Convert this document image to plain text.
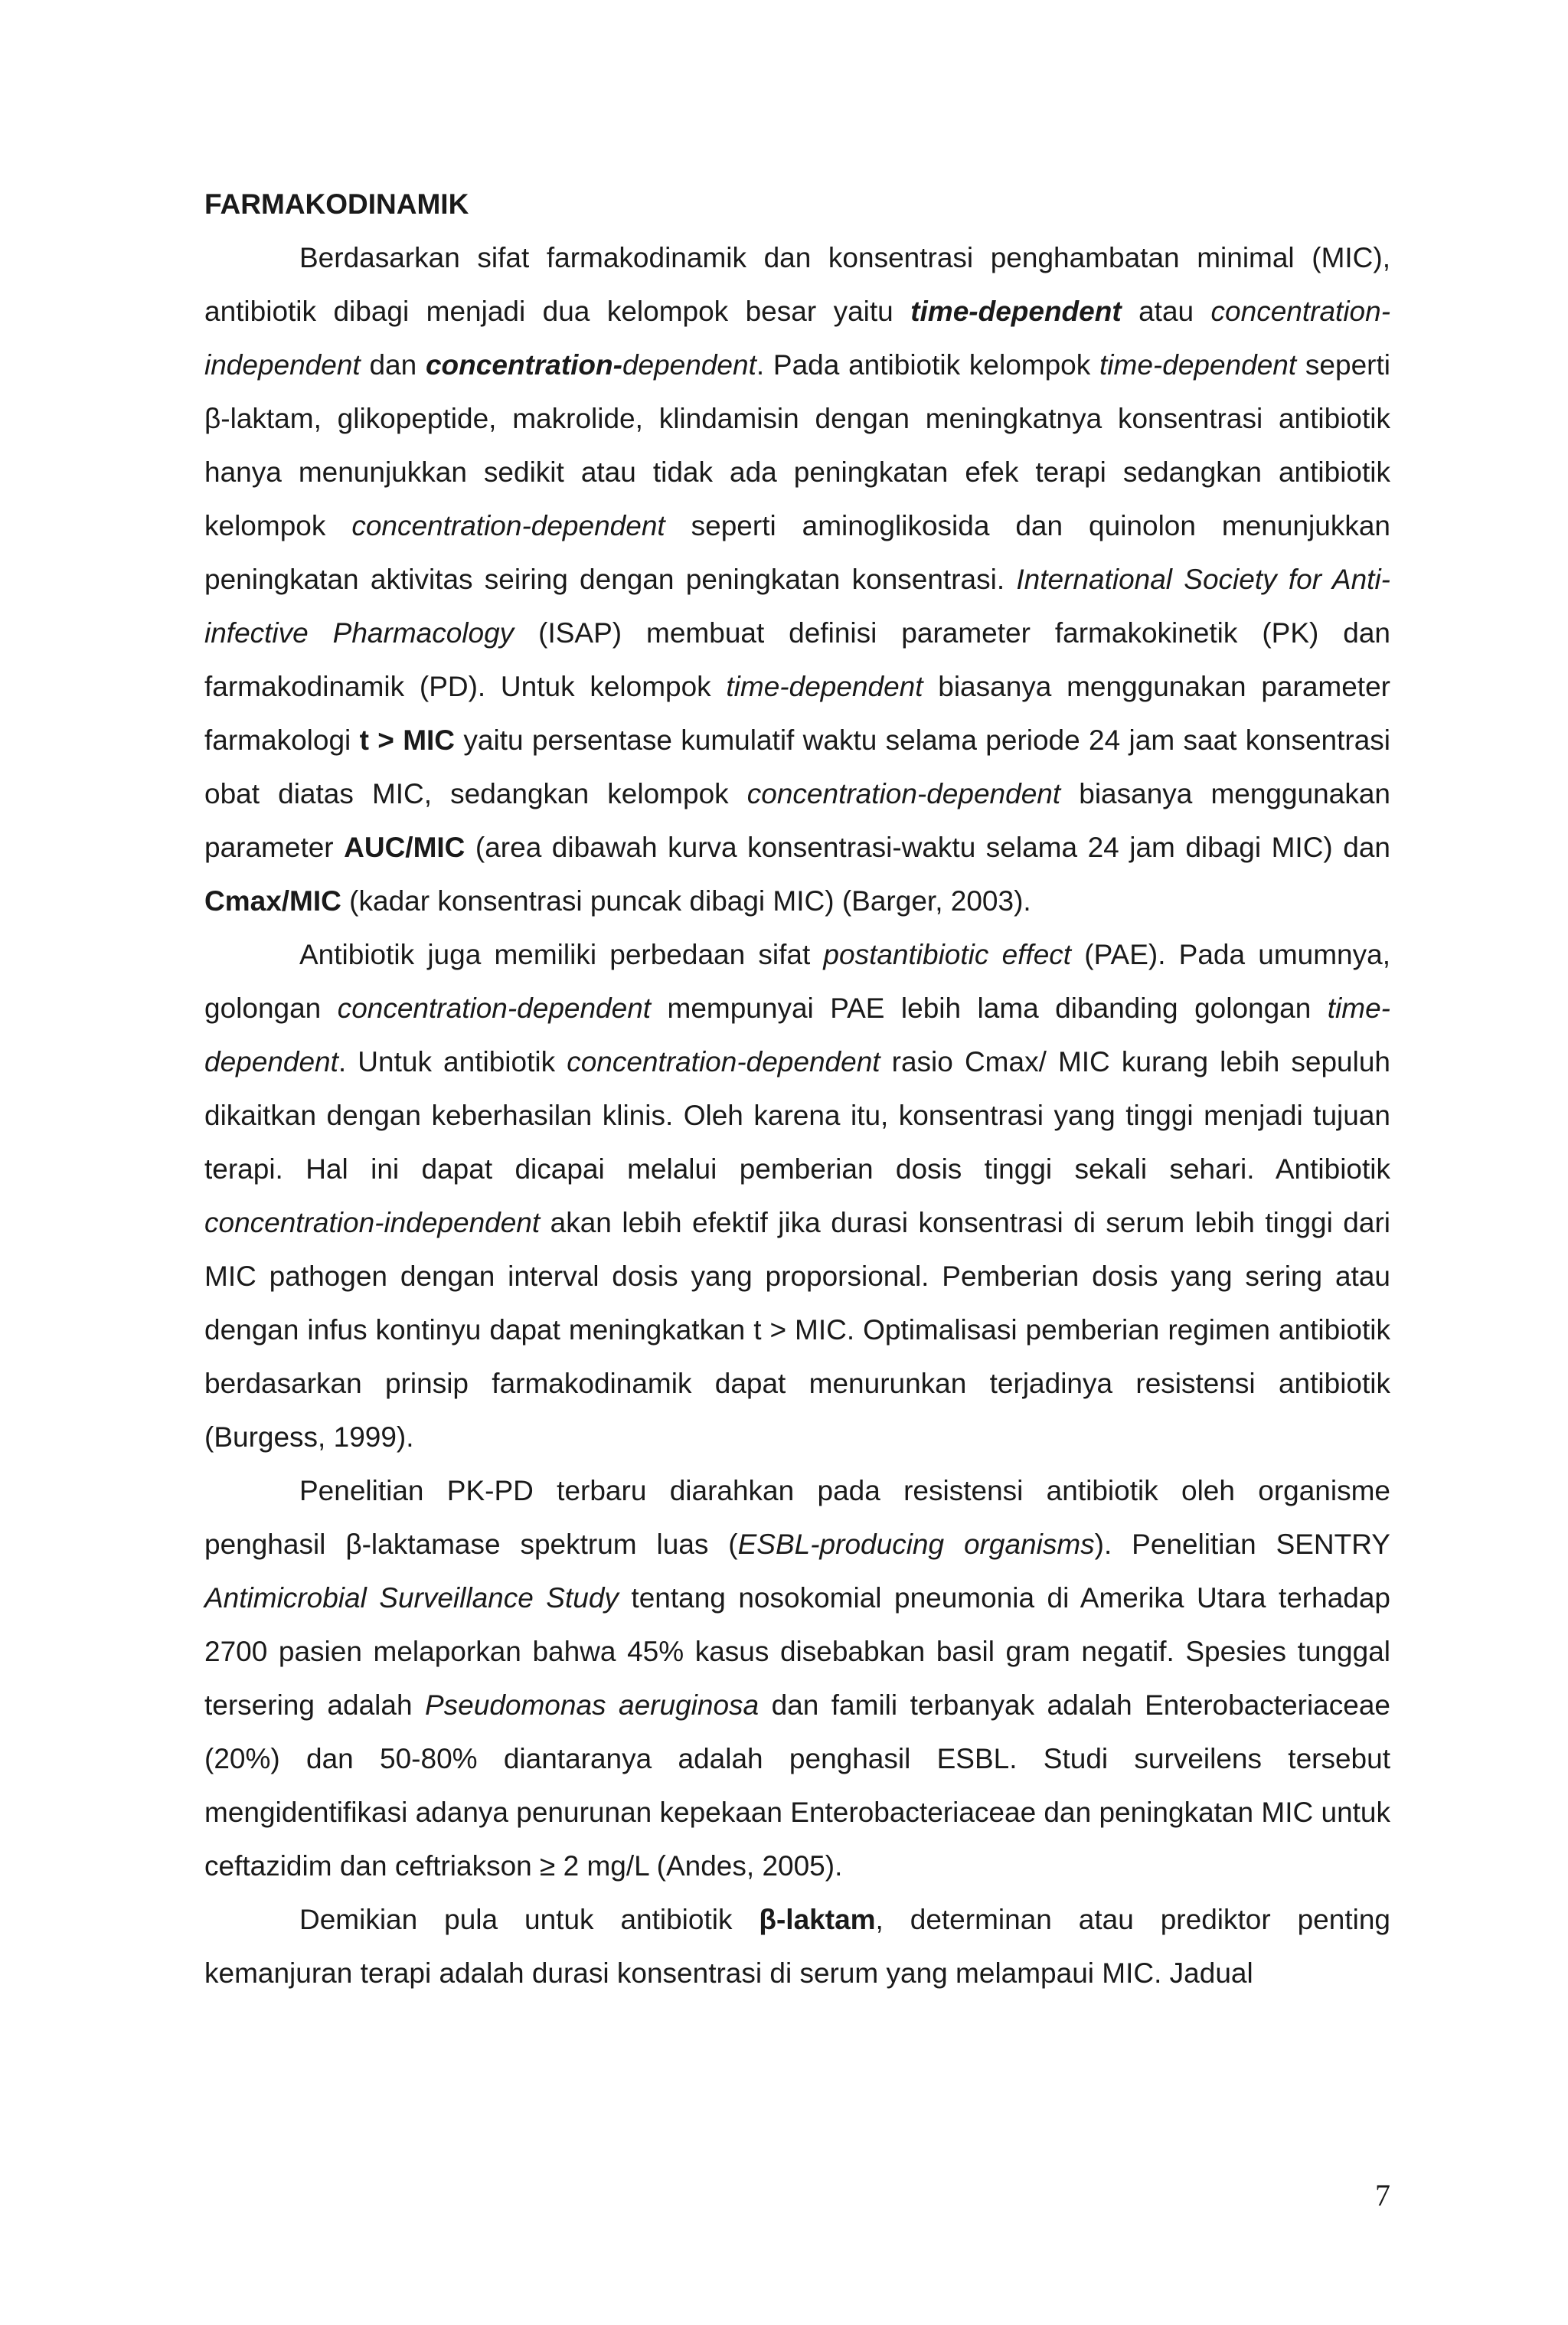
FARMAKODINAMIK

Berdasarkan sifat farmakodinamik dan konsentrasi penghambatan minimal (MIC), antibiotik dibagi menjadi dua kelompok besar yaitu time-dependent atau concentration-independent dan concentration-dependent. Pada antibiotik kelompok time-dependent seperti β-laktam, glikopeptide, makrolide, klindamisin dengan meningkatnya konsentrasi antibiotik hanya menunjukkan sedikit atau tidak ada peningkatan efek terapi sedangkan antibiotik kelompok concentration-dependent seperti aminoglikosida dan quinolon menunjukkan peningkatan aktivitas seiring dengan peningkatan konsentrasi. International Society for Anti-infective Pharmacology (ISAP) membuat definisi parameter farmakokinetik (PK) dan farmakodinamik (PD). Untuk kelompok time-dependent biasanya menggunakan parameter farmakologi t > MIC yaitu persentase kumulatif waktu selama periode 24 jam saat konsentrasi obat diatas MIC, sedangkan kelompok concentration-dependent biasanya menggunakan parameter AUC/MIC (area dibawah kurva konsentrasi-waktu selama 24 jam dibagi MIC) dan Cmax/MIC (kadar konsentrasi puncak dibagi MIC) (Barger, 2003).

Antibiotik juga memiliki perbedaan sifat postantibiotic effect (PAE). Pada umumnya, golongan concentration-dependent mempunyai PAE lebih lama dibanding golongan time-dependent. Untuk antibiotik concentration-dependent rasio Cmax/ MIC kurang lebih sepuluh dikaitkan dengan keberhasilan klinis. Oleh karena itu, konsentrasi yang tinggi menjadi tujuan terapi. Hal ini dapat dicapai melalui pemberian dosis tinggi sekali sehari. Antibiotik concentration-independent akan lebih efektif jika durasi konsentrasi di serum lebih tinggi dari MIC pathogen dengan interval dosis yang proporsional. Pemberian dosis yang sering atau dengan infus kontinyu dapat meningkatkan t > MIC. Optimalisasi pemberian regimen antibiotik berdasarkan prinsip farmakodinamik dapat menurunkan terjadinya resistensi antibiotik (Burgess, 1999).

Penelitian PK-PD terbaru diarahkan pada resistensi antibiotik oleh organisme penghasil β-laktamase spektrum luas (ESBL-producing organisms). Penelitian SENTRY Antimicrobial Surveillance Study tentang nosokomial pneumonia di Amerika Utara terhadap 2700 pasien melaporkan bahwa 45% kasus disebabkan basil gram negatif. Spesies tunggal tersering adalah Pseudomonas aeruginosa dan famili terbanyak adalah Enterobacteriaceae (20%) dan 50-80% diantaranya adalah penghasil ESBL. Studi surveilens tersebut mengidentifikasi adanya penurunan kepekaan Enterobacteriaceae dan peningkatan MIC untuk ceftazidim dan ceftriakson ≥ 2 mg/L (Andes, 2005).

Demikian pula untuk antibiotik β-laktam, determinan atau prediktor penting kemanjuran terapi adalah durasi konsentrasi di serum yang melampaui MIC. Jadual

7
